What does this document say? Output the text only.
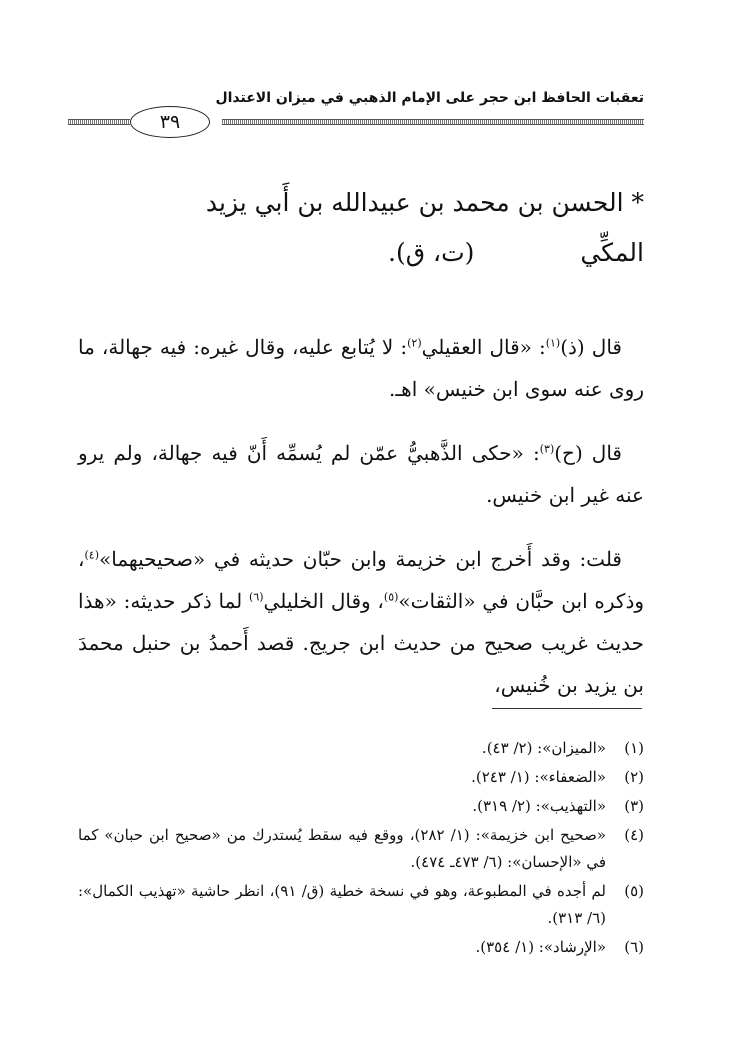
تعقبات الحافظ ابن حجر على الإمام الذهبي في ميزان الاعتدال
٣٩
* الحسن بن محمد بن عبيدالله بن أَبي يزيد
المكِّي  (ت، ق).

قال (ذ)$^{(١)}$: «قال العقيلي$^{(٢)}$: لا يُتابع عليه، وقال غيره: فيه جهالة، ما روى عنه سوى ابن خنيس» اهـ.

قال (ح)$^{(٣)}$: «حكى الذَّهبيُّ عمّن لم يُسمِّه أَنّ فيه جهالة، ولم يرو عنه غير ابن خنيس.

قلت: وقد أَخرج ابن خزيمة وابن حبّان حديثه في «صحيحيهما»$^{(٤)}$، وذكره ابن حبَّان في «الثقات»$^{(٥)}$، وقال الخليلي$^{(٦)}$ لما ذكر حديثه: «هذا حديث غريب صحيح من حديث ابن جريج. قصد أَحمدُ بن حنبل محمدَ بن يزيد بن خُنيس،

(١)
«الميزان»: (٢/ ٤٣).
(٢)
«الضعفاء»: (١/ ٢٤٣).
(٣)
«التهذيب»: (٢/ ٣١٩).
(٤)
«صحيح ابن خزيمة»: (١/ ٢٨٢)، ووقع فيه سقط يُستدرك من «صحيح ابن حبان» كما في «الإحسان»: (٦/ ٤٧٣ـ ٤٧٤).
(٥)
لم أجده في المطبوعة، وهو في نسخة خطية (ق/ ٩١)، انظر حاشية «تهذيب الكمال»: (٦/ ٣١٣).
(٦)
«الإرشاد»: (١/ ٣٥٤).
